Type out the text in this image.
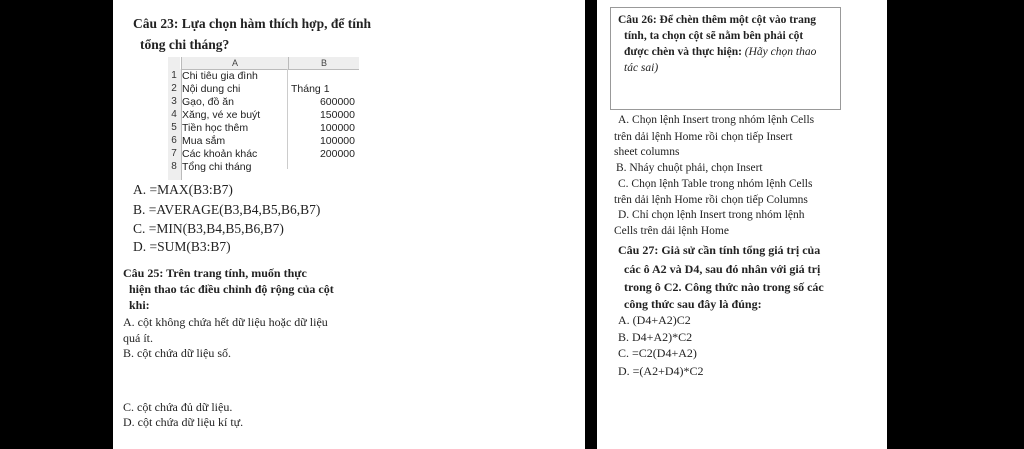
Câu 23: Lựa chọn hàm thích hợp, để tính
tổng chi tháng?
A	B
1 Chi tiêu gia đình
2 Nội dung chi	Tháng 1
3 Gạo, đồ ăn	600000
4 Xăng, vé xe buýt	150000
5 Tiền học thêm	100000
6 Mua sắm	100000
7 Các khoản khác	200000
8 Tổng chi tháng
A. =MAX(B3:B7)
B. =AVERAGE(B3,B4,B5,B6,B7)
C. =MIN(B3,B4,B5,B6,B7)
D. =SUM(B3:B7)
Câu 25: Trên trang tính, muốn thực
hiện thao tác điều chỉnh độ rộng của cột
khi:
A. cột không chứa hết dữ liệu hoặc dữ liệu
quá ít.
B. cột chứa dữ liệu số.
C. cột chứa đủ dữ liệu.
D. cột chứa dữ liệu kí tự.
Câu 26: Để chèn thêm một cột vào trang
tính, ta chọn cột sẽ nằm bên phải cột
được chèn và thực hiện: (Hãy chọn thao
tác sai)
A. Chọn lệnh Insert trong nhóm lệnh Cells
trên dải lệnh Home rồi chọn tiếp Insert
sheet columns
B. Nháy chuột phải, chọn Insert
C. Chọn lệnh Table trong nhóm lệnh Cells
trên dải lệnh Home rồi chọn tiếp Columns
D. Chỉ chọn lệnh Insert trong nhóm lệnh
Cells trên dải lệnh Home
Câu 27: Giả sử cần tính tổng giá trị của
các ô A2 và D4, sau đó nhân với giá trị
trong ô C2. Công thức nào trong số các
công thức sau đây là đúng:
A. (D4+A2)C2
B. D4+A2)*C2
C. =C2(D4+A2)
D. =(A2+D4)*C2
